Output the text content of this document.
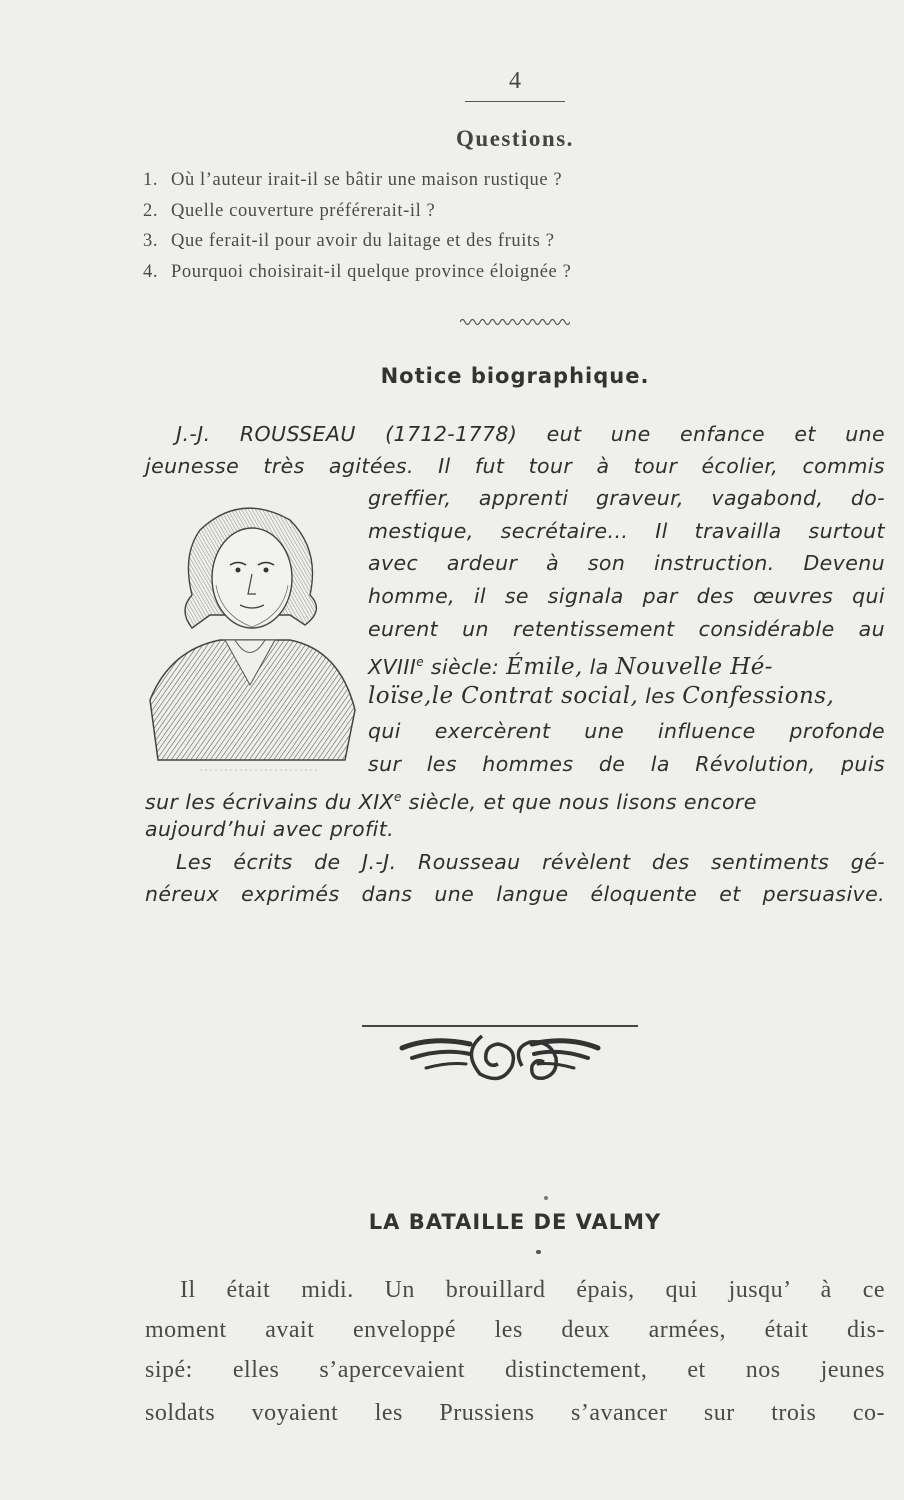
4
Questions.
1. Où l’auteur irait-il se bâtir une maison rustique ?
2. Quelle couverture préférerait-il ?
3. Que ferait-il pour avoir du laitage et des fruits ?
4. Pourquoi choisirait-il quelque province éloignée ?
Notice biographique.
J.-J. ROUSSEAU (1712-1778) eut une enfance et une
jeunesse très agitées. Il fut tour à tour écolier, commis
greffier, apprenti graveur, vagabond, do-
mestique, secrétaire... Il travailla surtout
avec ardeur à son instruction. Devenu
homme, il se signala par des œuvres qui
eurent un retentissement considérable au
XVIIIe siècle: Émile, la Nouvelle Hé-
loïse,le Contrat social, les Confessions,
qui exercèrent une influence profonde
sur les hommes de la Révolution, puis
sur les écrivains du XIXe siècle, et que nous lisons encore
aujourd’hui avec profit.
Les écrits de J.-J. Rousseau révèlent des sentiments gé-
néreux exprimés dans une langue éloquente et persuasive.
LA BATAILLE DE VALMY
Il était midi. Un brouillard épais, qui jusqu’ à ce
moment avait enveloppé les deux armées, était dis-
sipé: elles s’apercevaient distinctement, et nos jeunes
soldats voyaient les Prussiens s’avancer sur trois co-
